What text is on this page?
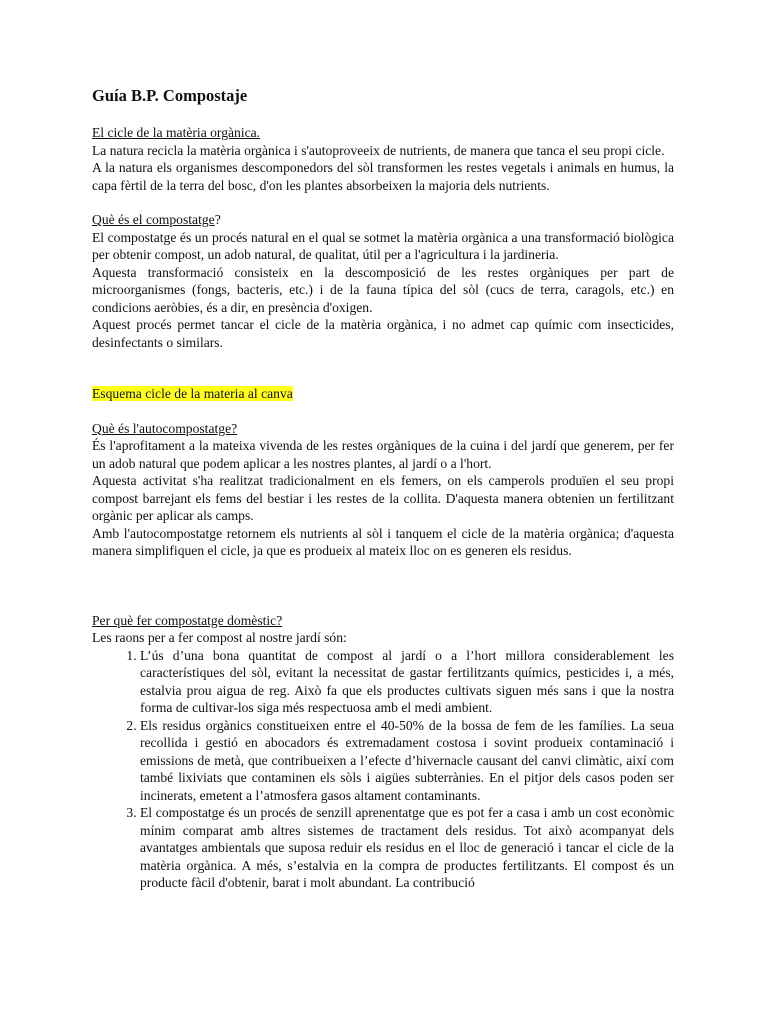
Guía B.P. Compostaje
El cicle de la matèria orgànica.

La natura recicla la matèria orgànica i s'autoproveeix de nutrients, de manera que tanca el seu propi cicle.

A la natura els organismes descomponedors del sòl transformen les restes vegetals i animals en humus, la capa fèrtil de la terra del bosc, d'on les plantes absorbeixen la majoria dels nutrients.

Què és el compostatge?

El compostatge és un procés natural en el qual se sotmet la matèria orgànica a una transformació biològica per obtenir compost, un adob natural, de qualitat, útil per a l'agricultura i la jardineria.

Aquesta transformació consisteix en la descomposició de les restes orgàniques per part de microorganismes (fongs, bacteris, etc.) i de la fauna típica del sòl (cucs de terra, caragols, etc.) en condicions aeròbies, és a dir, en presència d'oxigen.

Aquest procés permet tancar el cicle de la matèria orgànica, i no admet cap químic com insecticides, desinfectants o similars.

Esquema cicle de la materia al canva
Què és l'autocompostatge?

És l'aprofitament a la mateixa vivenda de les restes orgàniques de la cuina i del jardí que generem, per fer un adob natural que podem aplicar a les nostres plantes, al jardí o a l'hort.

Aquesta activitat s'ha realitzat tradicionalment en els femers, on els camperols produïen el seu propi compost barrejant els fems del bestiar i les restes de la collita. D'aquesta manera obtenien un fertilitzant orgànic per aplicar als camps.

Amb l'autocompostatge retornem els nutrients al sòl i tanquem el cicle de la matèria orgànica; d'aquesta manera simplifiquen el cicle, ja que es produeix al mateix lloc on es generen els residus.

Per què fer compostatge domèstic?

Les raons per a fer compost al nostre jardí són:

1. L’ús d’una bona quantitat de compost al jardí o a l’hort millora considerablement les característiques del sòl, evitant la necessitat de gastar fertilitzants químics, pesticides i, a més, estalvia prou aigua de reg. Això fa que els productes cultivats siguen més sans i que la nostra forma de cultivar-los siga més respectuosa amb el medi ambient.
2. Els residus orgànics constitueixen entre el 40-50% de la bossa de fem de les famílies. La seua recollida i gestió en abocadors és extremadament costosa i sovint produeix contaminació i emissions de metà, que contribueixen a l’efecte d’hivernacle causant del canvi climàtic, així com també lixiviats que contaminen els sòls i aigües subterrànies. En el pitjor dels casos poden ser incinerats, emetent a l’atmosfera gasos altament contaminants.
3. El compostatge és un procés de senzill aprenentatge que es pot fer a casa i amb un cost econòmic mínim comparat amb altres sistemes de tractament dels residus. Tot això acompanyat dels avantatges ambientals que suposa reduir els residus en el lloc de generació i tancar el cicle de la matèria orgànica. A més, s’estalvia en la compra de productes fertilitzants. El compost és un producte fàcil d'obtenir, barat i molt abundant. La contribució
